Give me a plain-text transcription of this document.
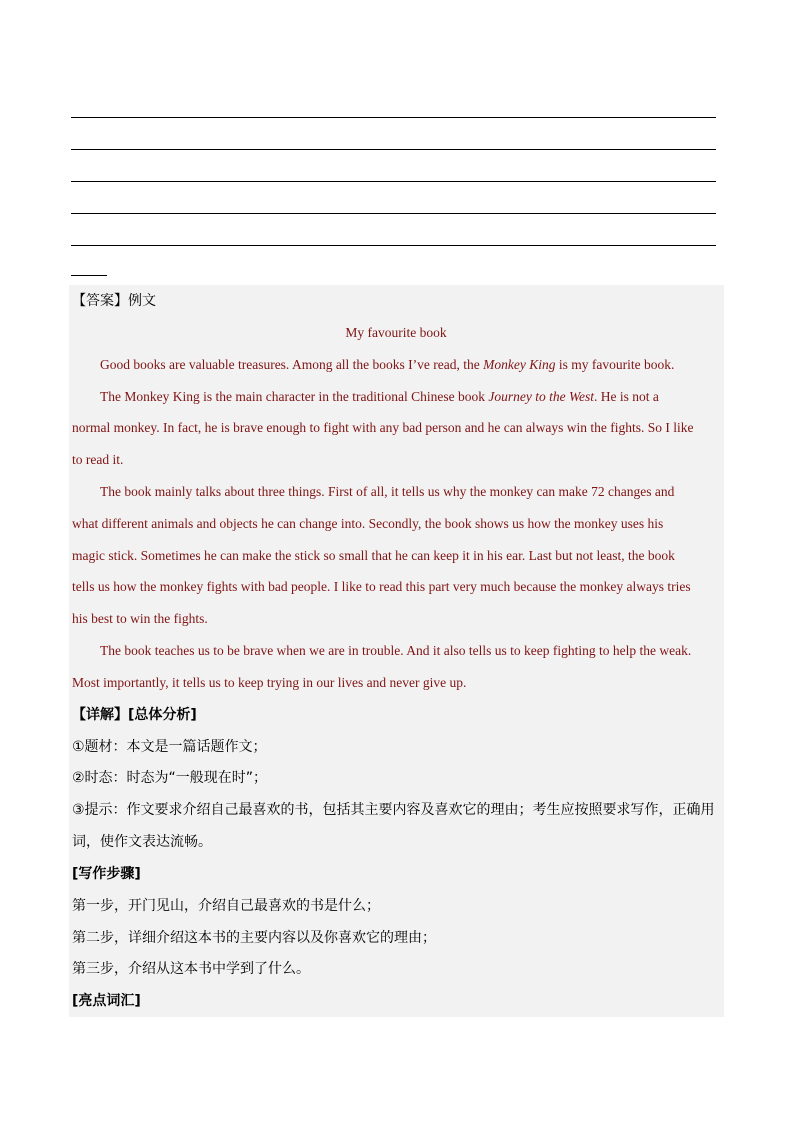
【答案】例文
My favourite book
Good books are valuable treasures. Among all the books I’ve read, the Monkey King is my favourite book.
The Monkey King is the main character in the traditional Chinese book Journey to the West. He is not a
normal monkey. In fact, he is brave enough to fight with any bad person and he can always win the fights. So I like
to read it.
The book mainly talks about three things. First of all, it tells us why the monkey can make 72 changes and
what different animals and objects he can change into. Secondly, the book shows us how the monkey uses his
magic stick. Sometimes he can make the stick so small that he can keep it in his ear. Last but not least, the book
tells us how the monkey fights with bad people. I like to read this part very much because the monkey always tries
his best to win the fights.
The book teaches us to be brave when we are in trouble. And it also tells us to keep fighting to help the weak.
Most importantly, it tells us to keep trying in our lives and never give up.
【详解】[总体分析]
①题材：本文是一篇话题作文；
②时态：时态为“一般现在时”；
③提示：作文要求介绍自己最喜欢的书，包括其主要内容及喜欢它的理由；考生应按照要求写作，正确用
词，使作文表达流畅。
[写作步骤]
第一步，开门见山，介绍自己最喜欢的书是什么；
第二步，详细介绍这本书的主要内容以及你喜欢它的理由；
第三步，介绍从这本书中学到了什么。
[亮点词汇]
